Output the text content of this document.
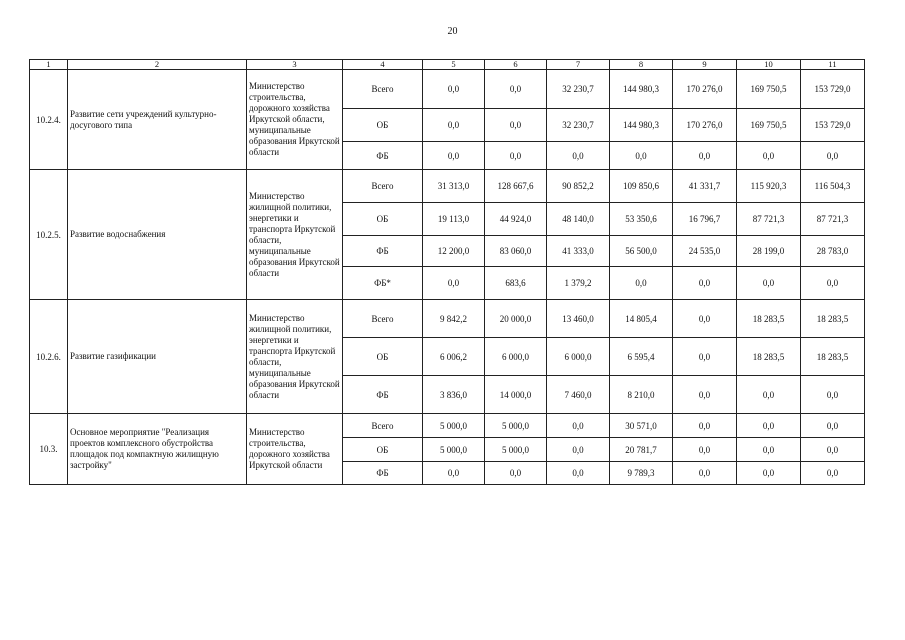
20
1	2	3	4	5	6	7	8	9	10	11
10.2.4.	Развитие сети учреждений культурно-досугового типа	Министерство строительства, дорожного хозяйства Иркутской области, муниципальные образования Иркутской области	Всего	0,0	0,0	32 230,7	144 980,3	170 276,0	169 750,5	153 729,0
			ОБ	0,0	0,0	32 230,7	144 980,3	170 276,0	169 750,5	153 729,0
			ФБ	0,0	0,0	0,0	0,0	0,0	0,0	0,0
10.2.5.	Развитие водоснабжения	Министерство жилищной политики, энергетики и транспорта Иркутской области, муниципальные образования Иркутской области	Всего	31 313,0	128 667,6	90 852,2	109 850,6	41 331,7	115 920,3	116 504,3
			ОБ	19 113,0	44 924,0	48 140,0	53 350,6	16 796,7	87 721,3	87 721,3
			ФБ	12 200,0	83 060,0	41 333,0	56 500,0	24 535,0	28 199,0	28 783,0
			ФБ*	0,0	683,6	1 379,2	0,0	0,0	0,0	0,0
10.2.6.	Развитие газификации	Министерство жилищной политики, энергетики и транспорта Иркутской области, муниципальные образования Иркутской области	Всего	9 842,2	20 000,0	13 460,0	14 805,4	0,0	18 283,5	18 283,5
			ОБ	6 006,2	6 000,0	6 000,0	6 595,4	0,0	18 283,5	18 283,5
			ФБ	3 836,0	14 000,0	7 460,0	8 210,0	0,0	0,0	0,0
10.3.	Основное мероприятие "Реализация проектов комплексного обустройства площадок под компактную жилищную застройку"	Министерство строительства, дорожного хозяйства Иркутской области	Всего	5 000,0	5 000,0	0,0	30 571,0	0,0	0,0	0,0
			ОБ	5 000,0	5 000,0	0,0	20 781,7	0,0	0,0	0,0
			ФБ	0,0	0,0	0,0	9 789,3	0,0	0,0	0,0
